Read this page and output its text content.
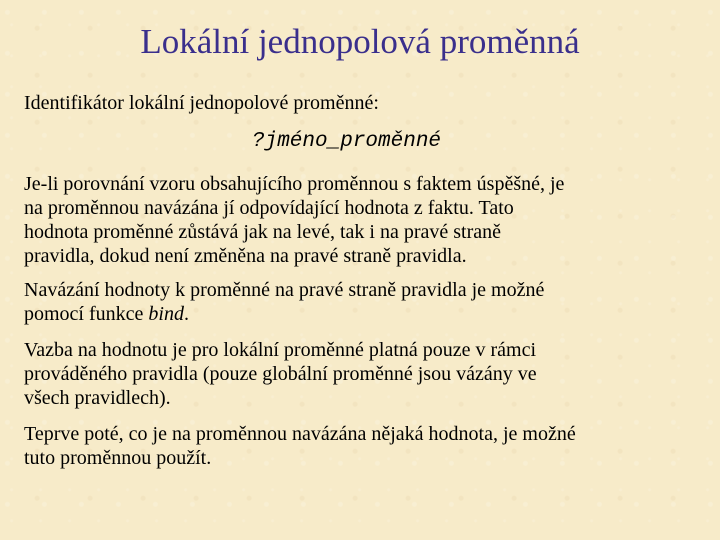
Lokální jednopolová proměnná
Identifikátor lokální jednopolové proměnné:
?jméno_proměnné

Je-li porovnání vzoru obsahujícího proměnnou s faktem úspěšné, je
na proměnnou navázána jí odpovídající hodnota z faktu. Tato
hodnota proměnné zůstává jak na levé, tak i na pravé straně
pravidla, dokud není změněna na pravé straně pravidla.

Navázání hodnoty k proměnné na pravé straně pravidla je možné
pomocí funkce bind.

Vazba na hodnotu je pro lokální proměnné platná pouze v rámci
prováděného pravidla (pouze globální proměnné jsou vázány ve
všech pravidlech).

Teprve poté, co je na proměnnou navázána nějaká hodnota, je možné
tuto proměnnou použít.
